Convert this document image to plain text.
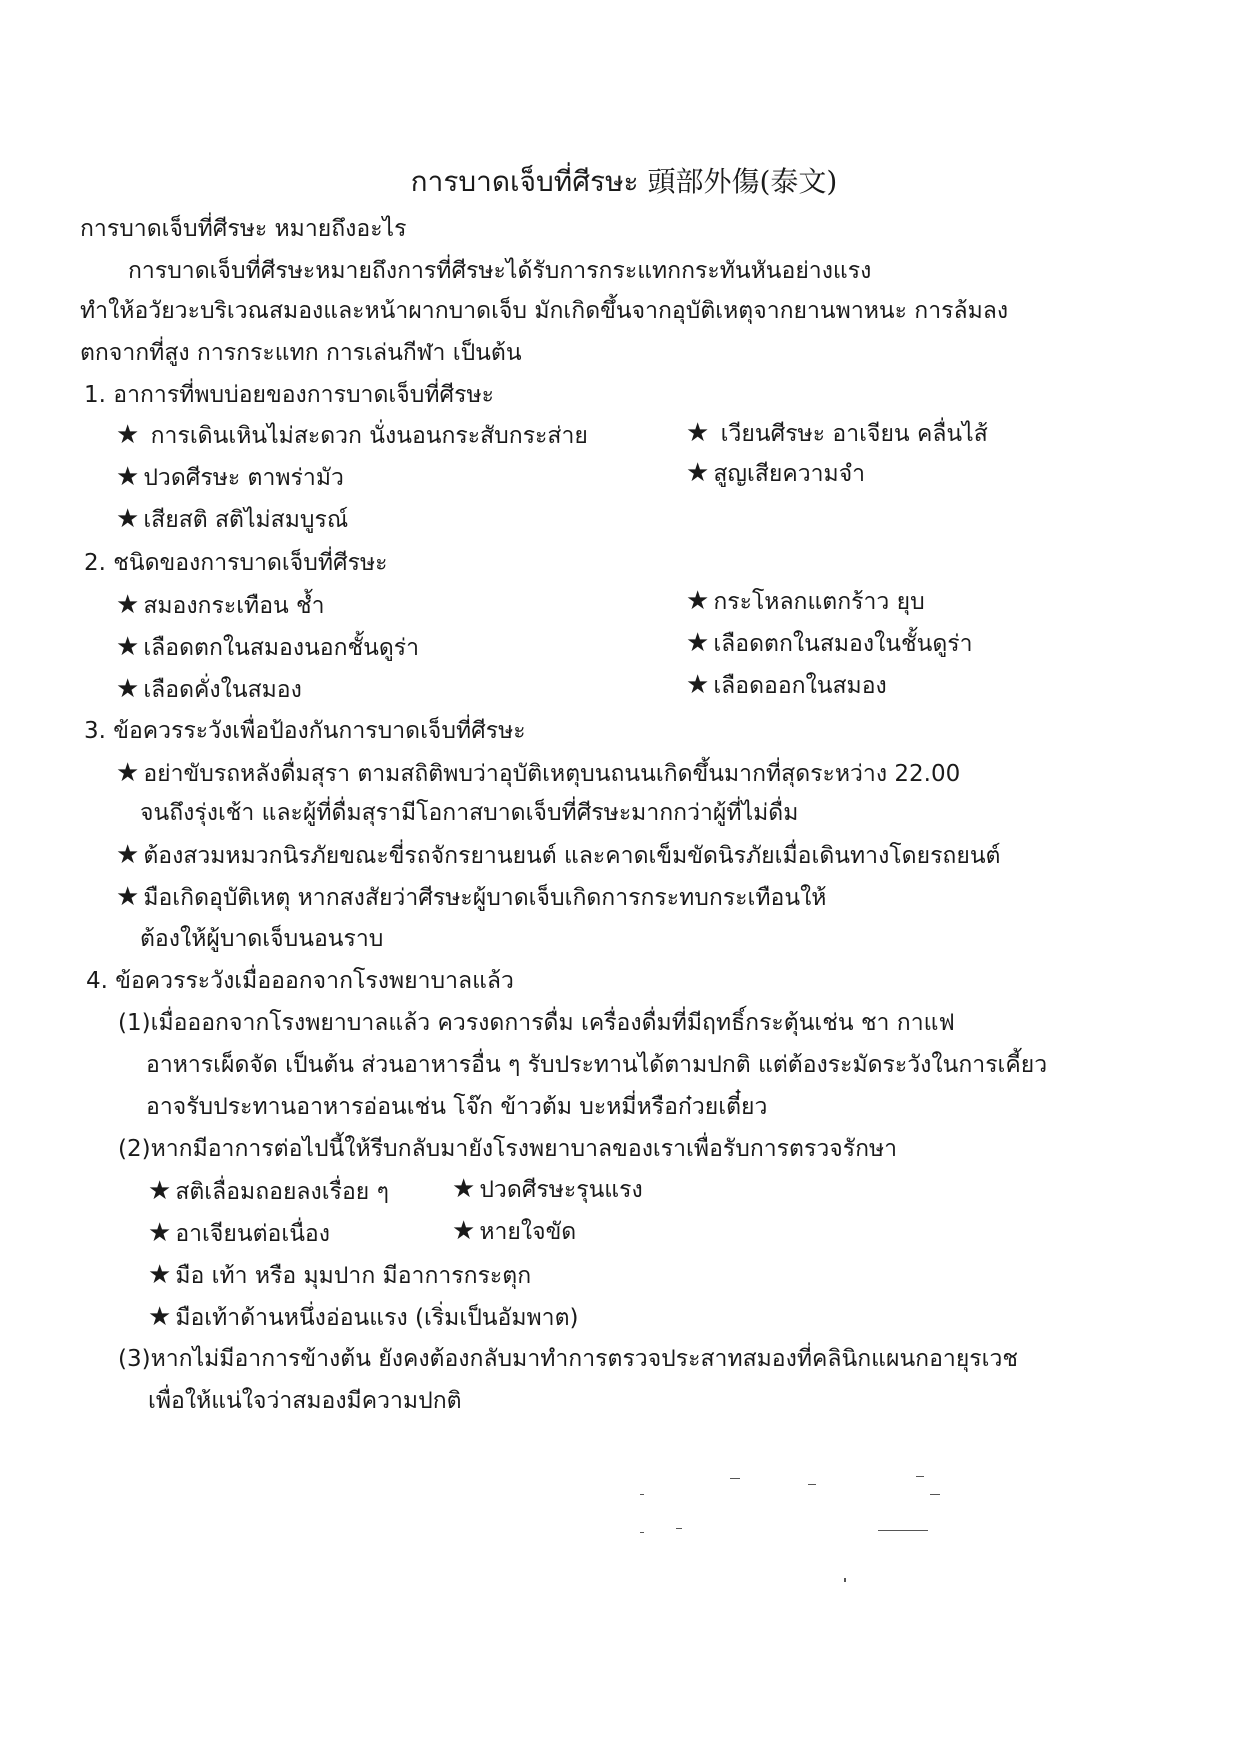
การบาดเจ็บที่ศีรษะ 頭部外傷(泰文)
การบาดเจ็บที่ศีรษะ หมายถึงอะไร
การบาดเจ็บที่ศีรษะหมายถึงการที่ศีรษะได้รับการกระแทกกระทันหันอย่างแรง
ทำให้อวัยวะบริเวณสมองและหน้าผากบาดเจ็บ มักเกิดขึ้นจากอุบัติเหตุจากยานพาหนะ การล้มลง
ตกจากที่สูง การกระแทก การเล่นกีฬา เป็นต้น
1. อาการที่พบบ่อยของการบาดเจ็บที่ศีรษะ
★ การเดินเหินไม่สะดวก นั่งนอนกระสับกระส่าย	★ เวียนศีรษะ อาเจียน คลื่นไส้
★ ปวดศีรษะ ตาพร่ามัว	★ สูญเสียความจำ
★ เสียสติ สติไม่สมบูรณ์
2. ชนิดของการบาดเจ็บที่ศีรษะ
★ สมองกระเทือน ช้ำ	★ กระโหลกแตกร้าว ยุบ
★ เลือดตกในสมองนอกชั้นดูร่า	★ เลือดตกในสมองในชั้นดูร่า
★ เลือดคั่งในสมอง	★ เลือดออกในสมอง
3. ข้อควรระวังเพื่อป้องกันการบาดเจ็บที่ศีรษะ
★ อย่าขับรถหลังดื่มสุรา ตามสถิติพบว่าอุบัติเหตุบนถนนเกิดขึ้นมากที่สุดระหว่าง 22.00
จนถึงรุ่งเช้า และผู้ที่ดื่มสุรามีโอกาสบาดเจ็บที่ศีรษะมากกว่าผู้ที่ไม่ดื่ม
★ ต้องสวมหมวกนิรภัยขณะขี่รถจักรยานยนต์ และคาดเข็มขัดนิรภัยเมื่อเดินทางโดยรถยนต์
★ มือเกิดอุบัติเหตุ หากสงสัยว่าศีรษะผู้บาดเจ็บเกิดการกระทบกระเทือนให้
ต้องให้ผู้บาดเจ็บนอนราบ
4. ข้อควรระวังเมื่อออกจากโรงพยาบาลแล้ว
(1)เมื่อออกจากโรงพยาบาลแล้ว ควรงดการดื่ม เครื่องดื่มที่มีฤทธิ์กระตุ้นเช่น ชา กาแฟ
อาหารเผ็ดจัด เป็นต้น ส่วนอาหารอื่น ๆ รับประทานได้ตามปกติ แต่ต้องระมัดระวังในการเคี้ยว
อาจรับประทานอาหารอ่อนเช่น โจ๊ก ข้าวต้ม บะหมี่หรือก๋วยเตี๋ยว
(2)หากมีอาการต่อไปนี้ให้รีบกลับมายังโรงพยาบาลของเราเพื่อรับการตรวจรักษา
★ สติเลื่อมถอยลงเรื่อย ๆ ★ ปวดศีรษะรุนแรง
★ อาเจียนต่อเนื่อง	★ หายใจขัด
★ มือ เท้า หรือ มุมปาก มีอาการกระตุก
★ มือเท้าด้านหนึ่งอ่อนแรง (เริ่มเป็นอัมพาต)
(3)หากไม่มีอาการข้างต้น ยังคงต้องกลับมาทำการตรวจประสาทสมองที่คลินิกแผนกอายุรเวช
เพื่อให้แน่ใจว่าสมองมีความปกติ
